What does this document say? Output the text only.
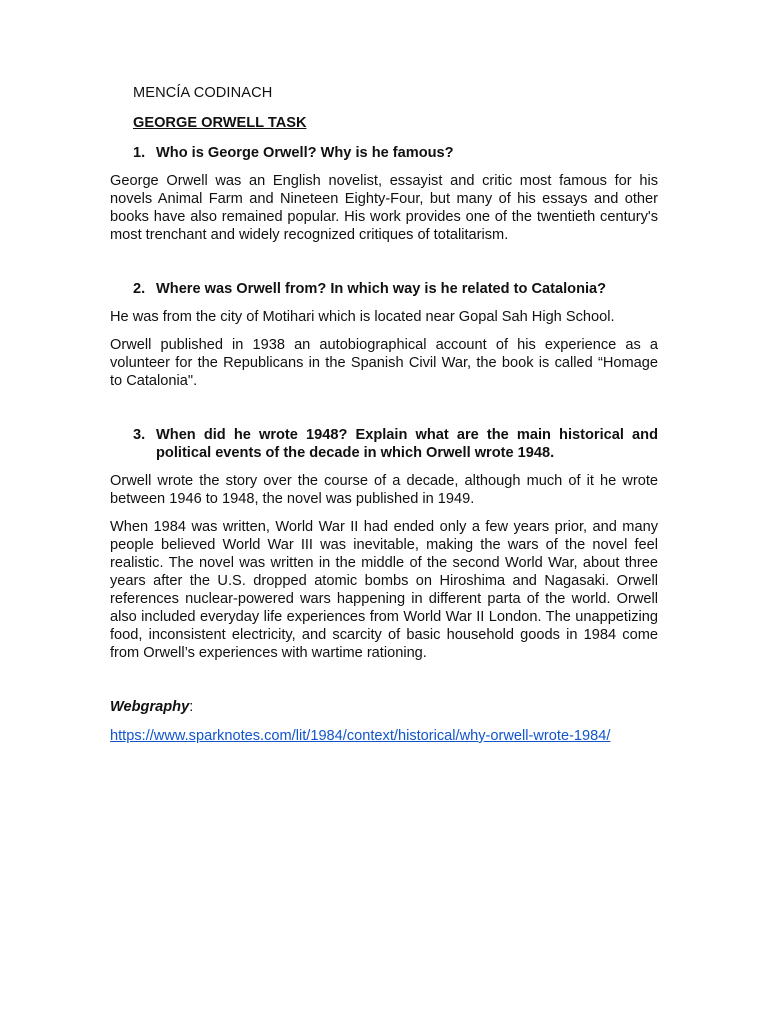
MENCÍA CODINACH
GEORGE ORWELL TASK
1. Who is George Orwell? Why is he famous?

George Orwell was an English novelist, essayist and critic most famous for his novels Animal Farm and Nineteen Eighty-Four, but many of his essays and other books have also remained popular. His work provides one of the twentieth century's most trenchant and widely recognized critiques of totalitarism.

2. Where was Orwell from? In which way is he related to Catalonia?

He was from the city of Motihari which is located near Gopal Sah High School.

Orwell published in 1938 an autobiographical account of his experience as a volunteer for the Republicans in the Spanish Civil War, the book is called “Homage to Catalonia".

3. When did he wrote 1948? Explain what are the main historical and political events of the decade in which Orwell wrote 1948.

Orwell wrote the story over the course of a decade, although much of it he wrote between 1946 to 1948, the novel was published in 1949.

When 1984 was written, World War II had ended only a few years prior, and many people believed World War III was inevitable, making the wars of the novel feel realistic. The novel was written in the middle of the second World War, about three years after the U.S. dropped atomic bombs on Hiroshima and Nagasaki. Orwell references nuclear-powered wars happening in different parta of the world. Orwell also included everyday life experiences from World War II London. The unappetizing food, inconsistent electricity, and scarcity of basic household goods in 1984 come from Orwell’s experiences with wartime rationing.

Webgraphy:
https://www.sparknotes.com/lit/1984/context/historical/why-orwell-wrote-1984/
